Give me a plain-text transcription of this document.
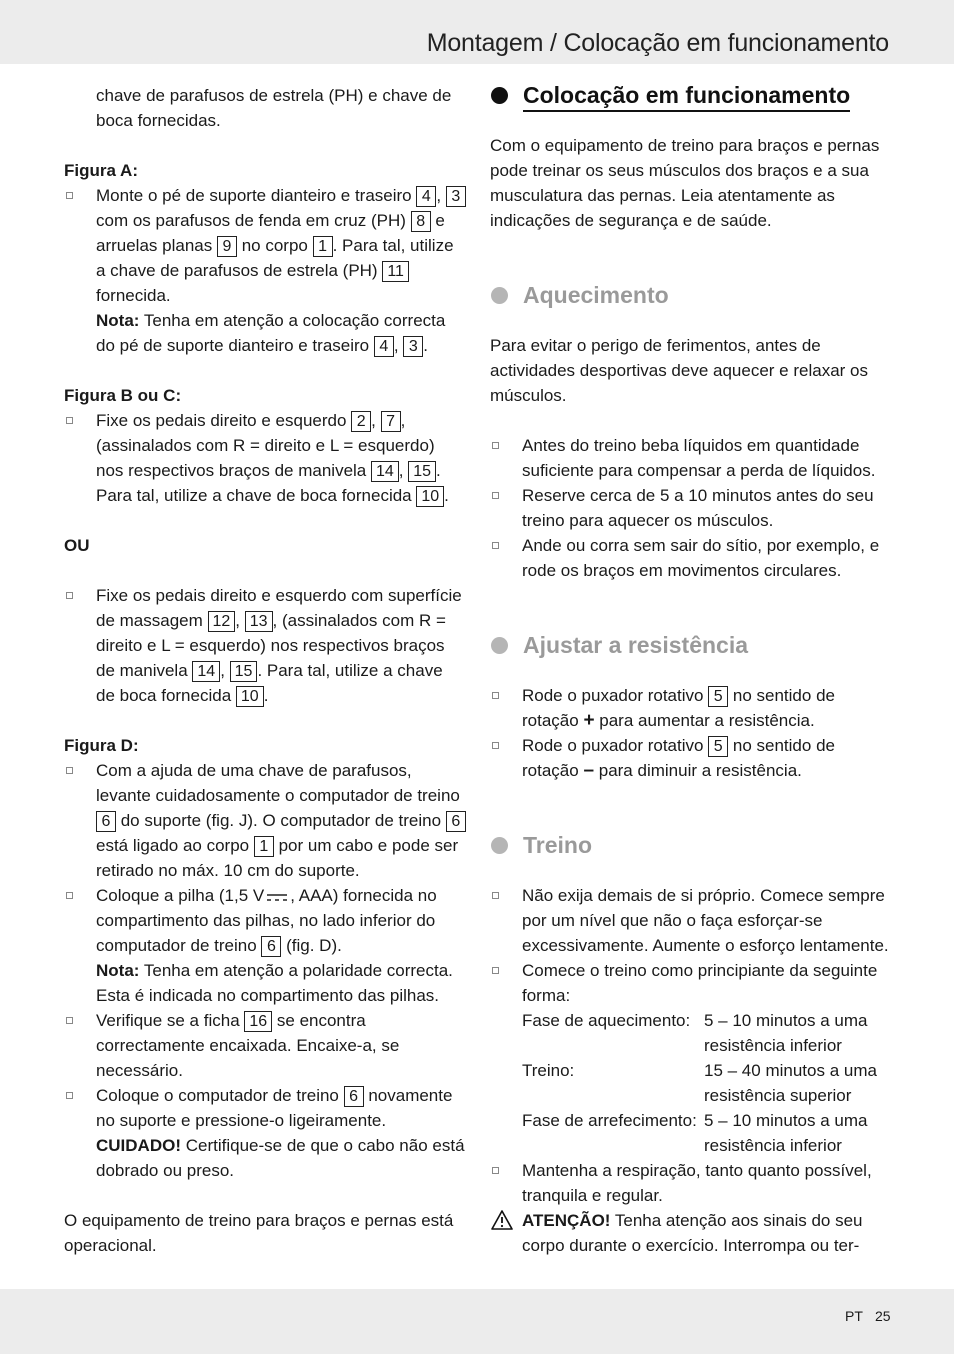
Montagem / Colocação em funcionamento

chave de parafusos de estrela (PH) e chave de boca fornecidas.

Figura A:

Monte o pé de suporte dianteiro e traseiro 4 , 3 com os parafusos de fenda em cruz (PH) 8 e arruelas planas 9 no corpo 1 . Para tal, utilize a chave de parafusos de estrela (PH) 11 fornecida.

Nota: Tenha em atenção a colocação correcta do pé de suporte dianteiro e traseiro 4 , 3 .

Figura B ou C:

Fixe os pedais direito e esquerdo 2 , 7 , (assinalados com R = direito e L = esquerdo) nos respectivos braços de manivela 14 , 15 . Para tal, utilize a chave de boca fornecida 10 .

OU

Fixe os pedais direito e esquerdo com superfície de massagem 12 , 13 , (assinalados com R = direito e L = esquerdo) nos respectivos braços de manivela 14 , 15 . Para tal, utilize a chave de boca fornecida 10 .

Figura D:

Com a ajuda de uma chave de parafusos, levante cuidadosamente o computador de treino 6 do suporte (fig. J). O computador de treino 6 está ligado ao corpo 1 por um cabo e pode ser retirado no máx. 10 cm do suporte.
Coloque a pilha (1,5 V , AAA) fornecida no compartimento das pilhas, no lado inferior do computador de treino 6 (fig. D).

Nota: Tenha em atenção a polaridade correcta. Esta é indicada no compartimento das pilhas.

Verifique se a ficha 16 se encontra correctamente encaixada. Encaixe-a, se necessário.
Coloque o computador de treino 6 novamente no suporte e pressione-o ligeiramente.

CUIDADO! Certifique-se de que o cabo não está dobrado ou preso.

O equipamento de treino para braços e pernas está operacional.

Colocação em funcionamento

Com o equipamento de treino para braços e pernas pode treinar os seus músculos dos braços e a sua musculatura das pernas. Leia atentamente as indicações de segurança e de saúde.

Aquecimento

Para evitar o perigo de ferimentos, antes de actividades desportivas deve aquecer e relaxar os músculos.

Antes do treino beba líquidos em quantidade suficiente para compensar a perda de líquidos.
Reserve cerca de 5 a 10 minutos antes do seu treino para aquecer os músculos.
Ande ou corra sem sair do sítio, por exemplo, e rode os braços em movimentos circulares.
Ajustar a resistência
Rode o puxador rotativo 5 no sentido de rotação + para aumentar a resistência.
Rode o puxador rotativo 5 no sentido de rotação – para diminuir a resistência.
Treino
Não exija demais de si próprio. Comece sempre por um nível que não o faça esforçar-se excessivamente. Aumente o esforço lentamente.
Comece o treino como principiante da seguinte forma:
Fase de aquecimento: 5 – 10 minutos a uma resistência inferior
Treino:	15 – 40 minutos a uma resistência superior
Fase de arrefecimento: 5 – 10 minutos a uma resistência inferior
Mantenha a respiração, tanto quanto possível, tranquila e regular.
ATENÇÃO! Tenha atenção aos sinais do seu corpo durante o exercício. Interrompa ou ter-
PT 25
